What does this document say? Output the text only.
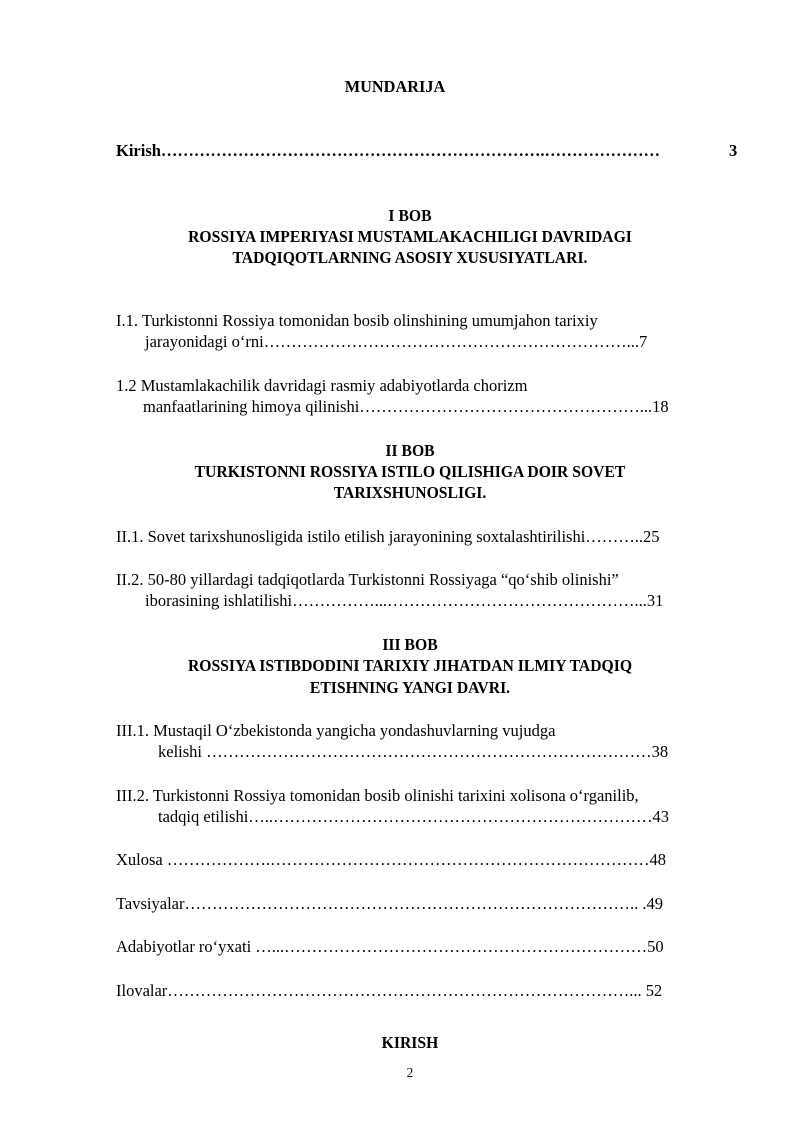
MUNDARIJA
Kirish…………………………………………………………….…………………	3
I BOB
ROSSIYA IMPERIYASI MUSTAMLAKACHILIGI DAVRIDAGI
TADQIQOTLARNING ASOSIY XUSUSIYATLARI.
I.1. Turkistonni Rossiya tomonidan bosib olinshining umumjahon tarixiy
jarayonidagi o‘rni…………………………………………………………...7
1.2 Mustamlakachilik davridagi rasmiy adabiyotlarda chorizm
manfaatlarining himoya qilinishi……………………………………………...18
II BOB
TURKISTONNI ROSSIYA ISTILO QILISHIGA DOIR SOVET
TARIXSHUNOSLIGI.
II.1. Sovet tarixshunosligida istilo etilish jarayonining soxtalashtirilishi………..25
II.2. 50-80 yillardagi tadqiqotlarda Turkistonni Rossiyaga “qo‘shib olinishi”
iborasining ishlatilishi……………...………………………………………...31
III BOB
ROSSIYA ISTIBDODINI TARIXIY JIHATDAN ILMIY TADQIQ
ETISHNING YANGI DAVRI.
III.1. Mustaqil O‘zbekistonda yangicha yondashuvlarning vujudga
kelishi ………………………………………………………………………38
III.2. Turkistonni Rossiya tomonidan bosib olinishi tarixini xolisona o‘rganilib,
tadqiq etilishi…..……………………………………………………………43
Xulosa ……………….……………………………………………………………48
Tavsiyalar……………………………………………………………………….. .49
Adabiyotlar ro‘yxati …...…………………………………………………………50
Ilovalar…………………………………………………………………………... 52
KIRISH
2
